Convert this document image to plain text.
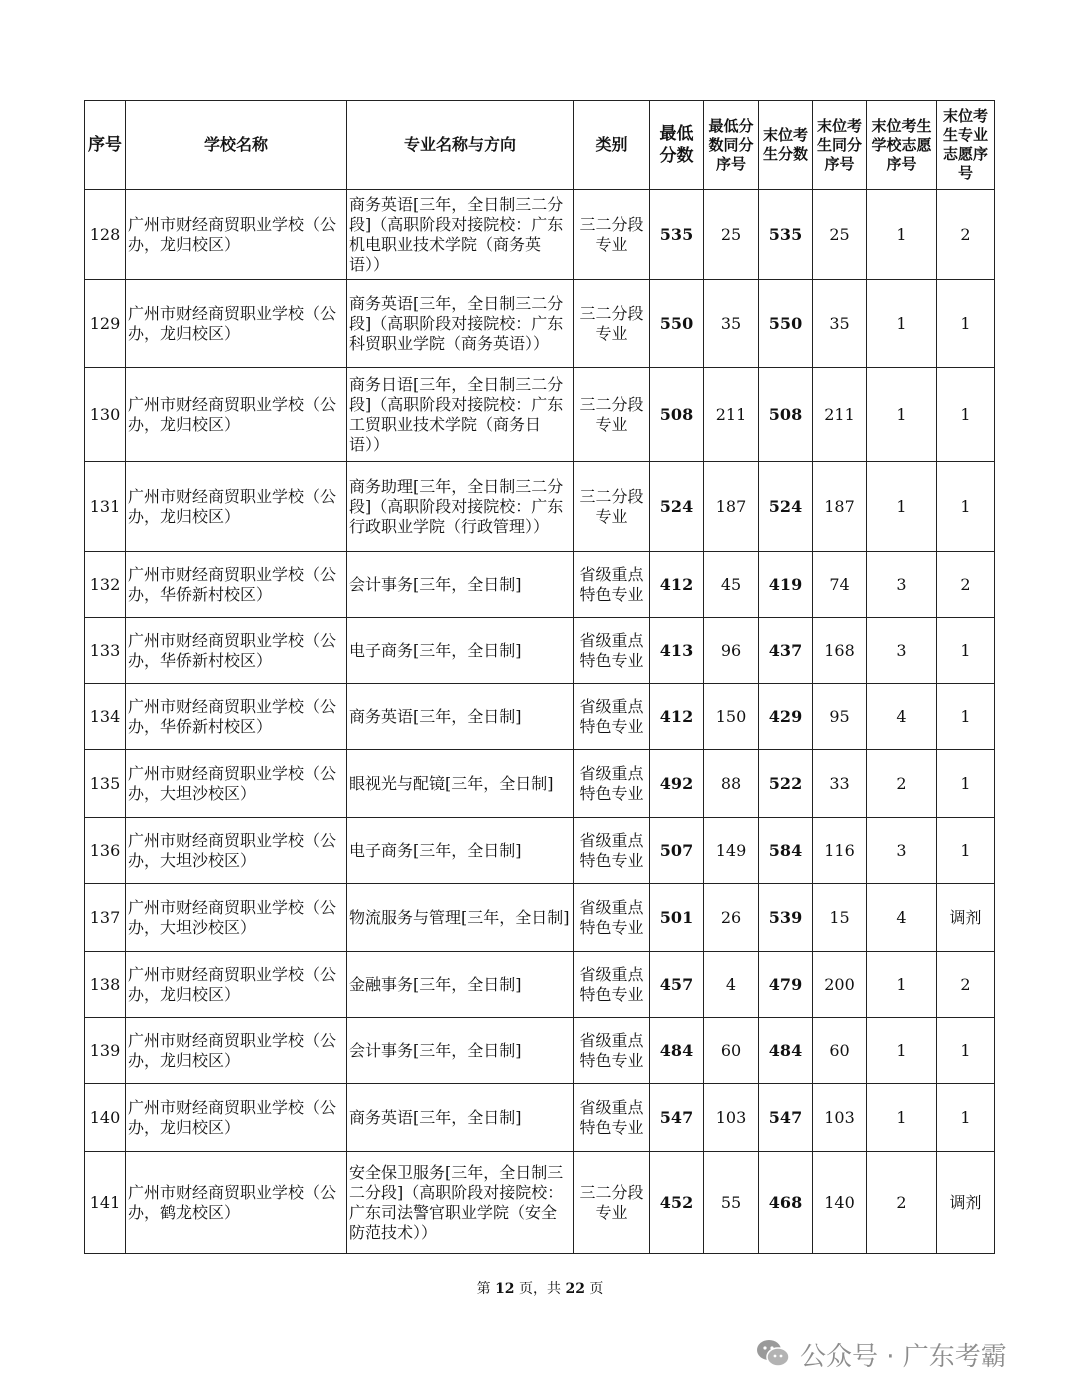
序号	学校名称	专业名称与方向	类别	最低分数	最低分数同分序号	末位考生分数	末位考生同分序号	末位考生学校志愿序号	末位考生专业志愿序号
128	广州市财经商贸职业学校（公办，龙归校区）	商务英语[三年，全日制三二分段]（高职阶段对接院校：广东机电职业技术学院（商务英语））	三二分段专业	535	25	535	25	1	2
129	广州市财经商贸职业学校（公办，龙归校区）	商务英语[三年，全日制三二分段]（高职阶段对接院校：广东科贸职业学院（商务英语））	三二分段专业	550	35	550	35	1	1
130	广州市财经商贸职业学校（公办，龙归校区）	商务日语[三年，全日制三二分段]（高职阶段对接院校：广东工贸职业技术学院（商务日语））	三二分段专业	508	211	508	211	1	1
131	广州市财经商贸职业学校（公办，龙归校区）	商务助理[三年，全日制三二分段]（高职阶段对接院校：广东行政职业学院（行政管理））	三二分段专业	524	187	524	187	1	1
132	广州市财经商贸职业学校（公办，华侨新村校区）	会计事务[三年，全日制]	省级重点特色专业	412	45	419	74	3	2
133	广州市财经商贸职业学校（公办，华侨新村校区）	电子商务[三年，全日制]	省级重点特色专业	413	96	437	168	3	1
134	广州市财经商贸职业学校（公办，华侨新村校区）	商务英语[三年，全日制]	省级重点特色专业	412	150	429	95	4	1
135	广州市财经商贸职业学校（公办，大坦沙校区）	眼视光与配镜[三年，全日制]	省级重点特色专业	492	88	522	33	2	1
136	广州市财经商贸职业学校（公办，大坦沙校区）	电子商务[三年，全日制]	省级重点特色专业	507	149	584	116	3	1
137	广州市财经商贸职业学校（公办，大坦沙校区）	物流服务与管理[三年，全日制]	省级重点特色专业	501	26	539	15	4	调剂
138	广州市财经商贸职业学校（公办，龙归校区）	金融事务[三年，全日制]	省级重点特色专业	457	4	479	200	1	2
139	广州市财经商贸职业学校（公办，龙归校区）	会计事务[三年，全日制]	省级重点特色专业	484	60	484	60	1	1
140	广州市财经商贸职业学校（公办，龙归校区）	商务英语[三年，全日制]	省级重点特色专业	547	103	547	103	1	1
141	广州市财经商贸职业学校（公办，鹤龙校区）	安全保卫服务[三年，全日制三二分段]（高职阶段对接院校：广东司法警官职业学院（安全防范技术））	三二分段专业	452	55	468	140	2	调剂
第 12 页，共 22 页
公众号 · 广东考霸
